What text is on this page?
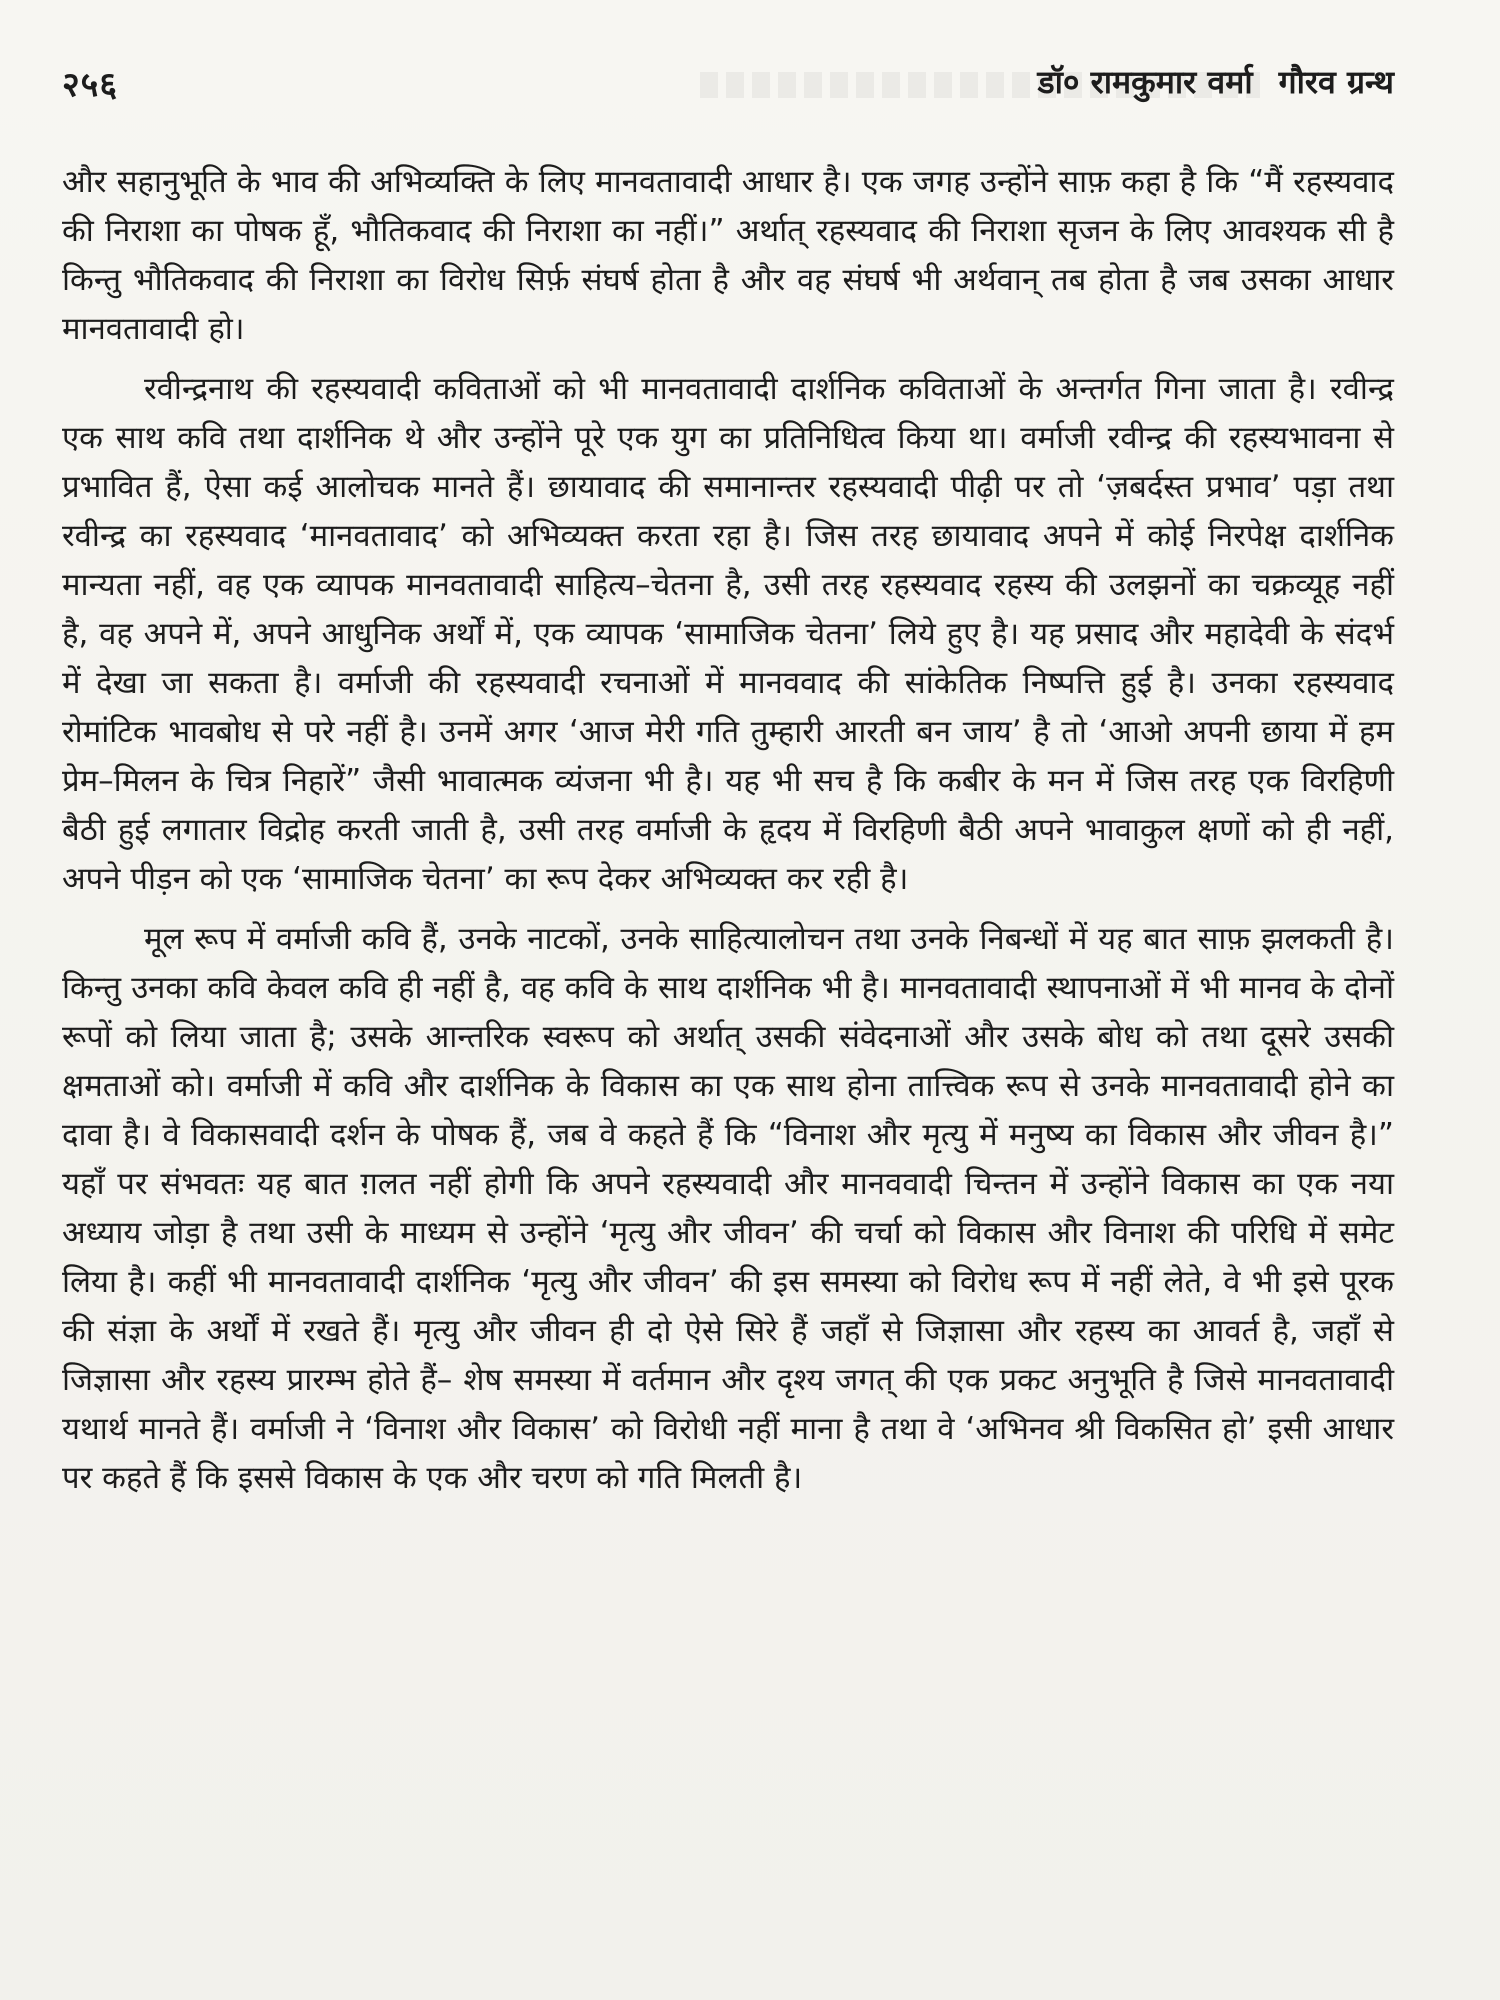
२५६	डॉ० रामकुमार वर्मा गौरव ग्रन्थ

और सहानुभूति के भाव की अभिव्यक्ति के लिए मानवतावादी आधार है। एक जगह उन्होंने साफ़ कहा है कि “मैं रहस्यवाद की निराशा का पोषक हूँ, भौतिकवाद की निराशा का नहीं।” अर्थात् रहस्यवाद की निराशा सृजन के लिए आवश्यक सी है किन्तु भौतिकवाद की निराशा का विरोध सिर्फ़ संघर्ष होता है और वह संघर्ष भी अर्थवान् तब होता है जब उसका आधार मानवतावादी हो।

रवीन्द्रनाथ की रहस्यवादी कविताओं को भी मानवतावादी दार्शनिक कविताओं के अन्तर्गत गिना जाता है। रवीन्द्र एक साथ कवि तथा दार्शनिक थे और उन्होंने पूरे एक युग का प्रतिनिधित्व किया था। वर्माजी रवीन्द्र की रहस्यभावना से प्रभावित हैं, ऐसा कई आलोचक मानते हैं। छायावाद की समानान्तर रहस्यवादी पीढ़ी पर तो ‘ज़बर्दस्त प्रभाव’ पड़ा तथा रवीन्द्र का रहस्यवाद ‘मानवतावाद’ को अभिव्यक्त करता रहा है। जिस तरह छायावाद अपने में कोई निरपेक्ष दार्शनिक मान्यता नहीं, वह एक व्यापक मानवतावादी साहित्य–चेतना है, उसी तरह रहस्यवाद रहस्य की उलझनों का चक्रव्यूह नहीं है, वह अपने में, अपने आधुनिक अर्थों में, एक व्यापक ‘सामाजिक चेतना’ लिये हुए है। यह प्रसाद और महादेवी के संदर्भ में देखा जा सकता है। वर्माजी की रहस्यवादी रचनाओं में मानववाद की सांकेतिक निष्पत्ति हुई है। उनका रहस्यवाद रोमांटिक भावबोध से परे नहीं है। उनमें अगर ‘आज मेरी गति तुम्हारी आरती बन जाय’ है तो ‘आओ अपनी छाया में हम प्रेम–मिलन के चित्र निहारें” जैसी भावात्मक व्यंजना भी है। यह भी सच है कि कबीर के मन में जिस तरह एक विरहिणी बैठी हुई लगातार विद्रोह करती जाती है, उसी तरह वर्माजी के हृदय में विरहिणी बैठी अपने भावाकुल क्षणों को ही नहीं, अपने पीड़न को एक ‘सामाजिक चेतना’ का रूप देकर अभिव्यक्त कर रही है।

मूल रूप में वर्माजी कवि हैं, उनके नाटकों, उनके साहित्यालोचन तथा उनके निबन्धों में यह बात साफ़ झलकती है। किन्तु उनका कवि केवल कवि ही नहीं है, वह कवि के साथ दार्शनिक भी है। मानवतावादी स्थापनाओं में भी मानव के दोनों रूपों को लिया जाता है; उसके आन्तरिक स्वरूप को अर्थात् उसकी संवेदनाओं और उसके बोध को तथा दूसरे उसकी क्षमताओं को। वर्माजी में कवि और दार्शनिक के विकास का एक साथ होना तात्त्विक रूप से उनके मानवतावादी होने का दावा है। वे विकासवादी दर्शन के पोषक हैं, जब वे कहते हैं कि “विनाश और मृत्यु में मनुष्य का विकास और जीवन है।” यहाँ पर संभवतः यह बात ग़लत नहीं होगी कि अपने रहस्यवादी और मानववादी चिन्तन में उन्होंने विकास का एक नया अध्याय जोड़ा है तथा उसी के माध्यम से उन्होंने ‘मृत्यु और जीवन’ की चर्चा को विकास और विनाश की परिधि में समेट लिया है। कहीं भी मानवतावादी दार्शनिक ‘मृत्यु और जीवन’ की इस समस्या को विरोध रूप में नहीं लेते, वे भी इसे पूरक की संज्ञा के अर्थों में रखते हैं। मृत्यु और जीवन ही दो ऐसे सिरे हैं जहाँ से जिज्ञासा और रहस्य का आवर्त है, जहाँ से जिज्ञासा और रहस्य प्रारम्भ होते हैं– शेष समस्या में वर्तमान और दृश्य जगत् की एक प्रकट अनुभूति है जिसे मानवतावादी यथार्थ मानते हैं। वर्माजी ने ‘विनाश और विकास’ को विरोधी नहीं माना है तथा वे ‘अभिनव श्री विकसित हो’ इसी आधार पर कहते हैं कि इससे विकास के एक और चरण को गति मिलती है।
